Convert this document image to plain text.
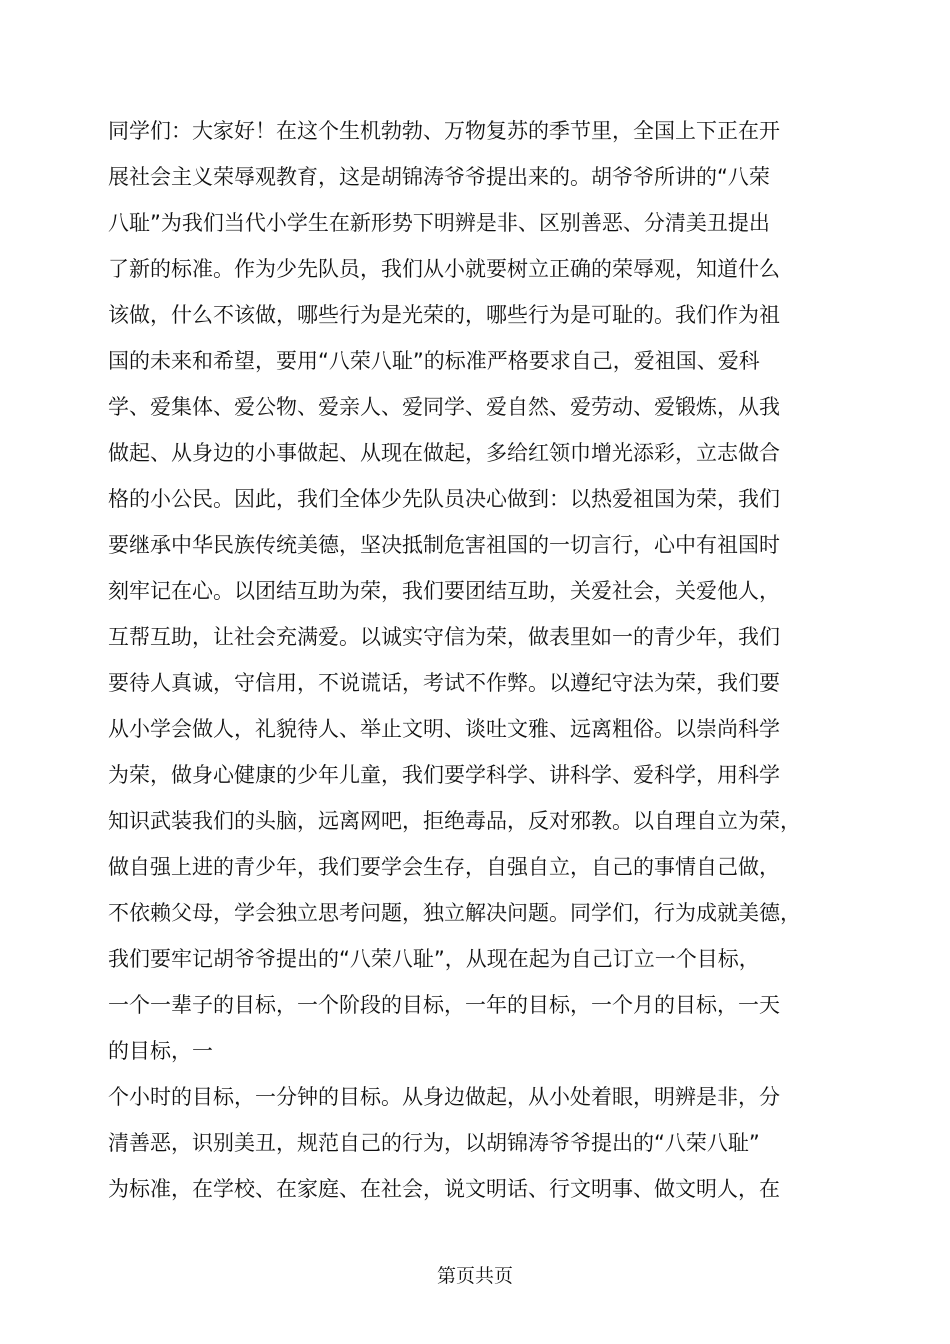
同学们：大家好！在这个生机勃勃、万物复苏的季节里，全国上下正在开
展社会主义荣辱观教育，这是胡锦涛爷爷提出来的。胡爷爷所讲的“八荣
八耻”为我们当代小学生在新形势下明辨是非、区别善恶、分清美丑提出
了新的标准。作为少先队员，我们从小就要树立正确的荣辱观，知道什么
该做，什么不该做，哪些行为是光荣的，哪些行为是可耻的。我们作为祖
国的未来和希望，要用“八荣八耻”的标准严格要求自己，爱祖国、爱科
学、爱集体、爱公物、爱亲人、爱同学、爱自然、爱劳动、爱锻炼，从我
做起、从身边的小事做起、从现在做起，多给红领巾增光添彩，立志做合
格的小公民。因此，我们全体少先队员决心做到：以热爱祖国为荣，我们
要继承中华民族传统美德，坚决抵制危害祖国的一切言行，心中有祖国时
刻牢记在心。以团结互助为荣，我们要团结互助，关爱社会，关爱他人，
互帮互助，让社会充满爱。以诚实守信为荣，做表里如一的青少年，我们
要待人真诚，守信用，不说谎话，考试不作弊。以遵纪守法为荣，我们要
从小学会做人，礼貌待人、举止文明、谈吐文雅、远离粗俗。以崇尚科学
为荣，做身心健康的少年儿童，我们要学科学、讲科学、爱科学，用科学
知识武装我们的头脑，远离网吧，拒绝毒品，反对邪教。以自理自立为荣，
做自强上进的青少年，我们要学会生存，自强自立，自己的事情自己做，
不依赖父母，学会独立思考问题，独立解决问题。同学们，行为成就美德，
我们要牢记胡爷爷提出的“八荣八耻”，从现在起为自己订立一个目标，
一个一辈子的目标，一个阶段的目标，一年的目标，一个月的目标，一天
的目标，一
个小时的目标，一分钟的目标。从身边做起，从小处着眼，明辨是非，分
清善恶，识别美丑，规范自己的行为，以胡锦涛爷爷提出的“八荣八耻”
为标准，在学校、在家庭、在社会，说文明话、行文明事、做文明人，在
第页共页
